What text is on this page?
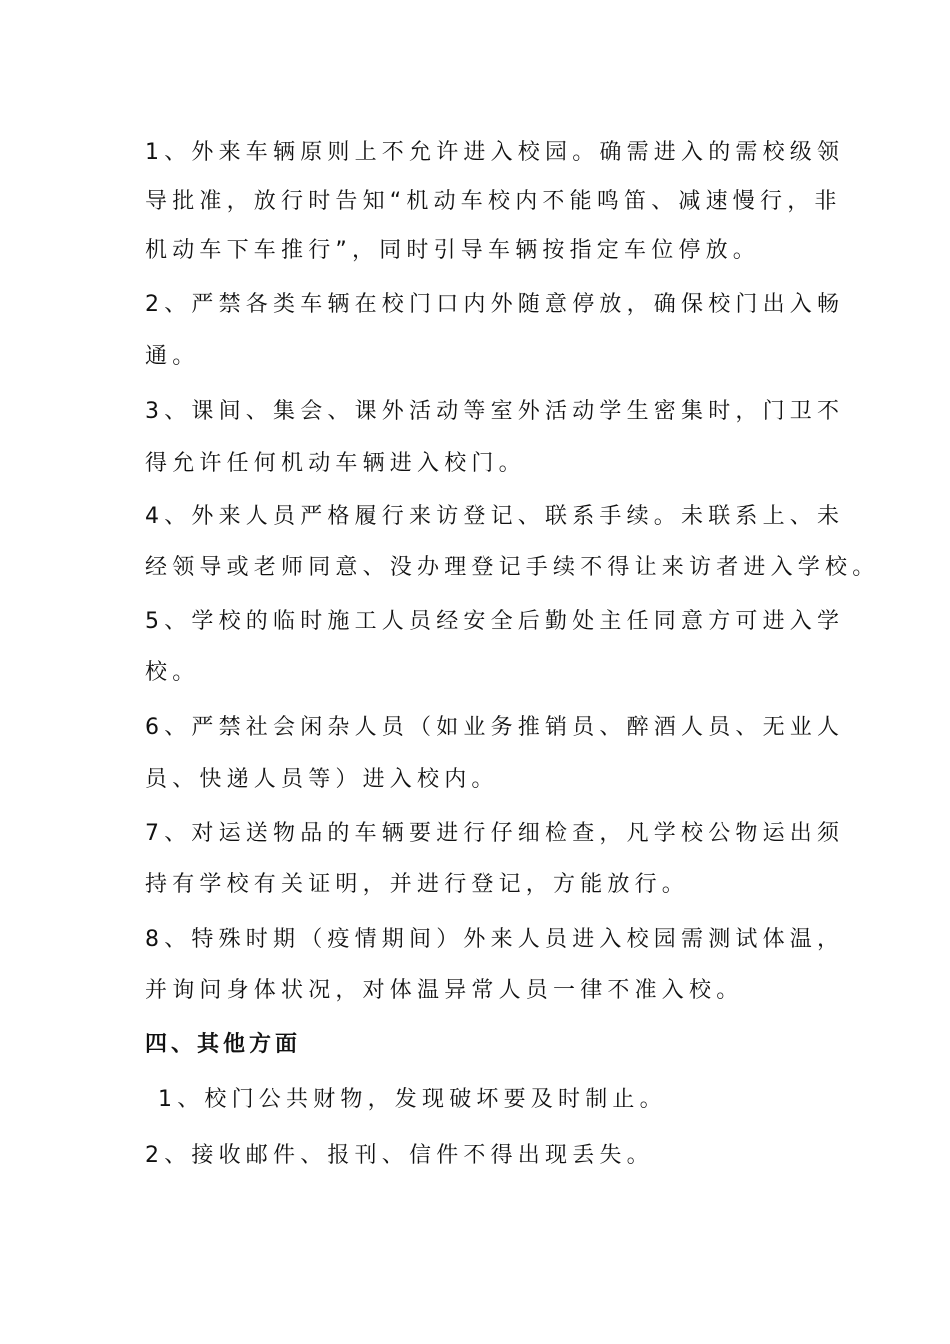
1、外来车辆原则上不允许进入校园。确需进入的需校级领
导批准，放行时告知“机动车校内不能鸣笛、减速慢行，非
机动车下车推行”，同时引导车辆按指定车位停放。
2、严禁各类车辆在校门口内外随意停放，确保校门出入畅
通。
3、课间、集会、课外活动等室外活动学生密集时，门卫不
得允许任何机动车辆进入校门。
4、外来人员严格履行来访登记、联系手续。未联系上、未
经领导或老师同意、没办理登记手续不得让来访者进入学校。
5、学校的临时施工人员经安全后勤处主任同意方可进入学
校。
6、严禁社会闲杂人员（如业务推销员、醉酒人员、无业人
员、快递人员等）进入校内。
7、对运送物品的车辆要进行仔细检查，凡学校公物运出须
持有学校有关证明，并进行登记，方能放行。
8、特殊时期（疫情期间）外来人员进入校园需测试体温，
并询问身体状况，对体温异常人员一律不准入校。
四、其他方面
1、校门公共财物，发现破坏要及时制止。
2、接收邮件、报刊、信件不得出现丢失。
